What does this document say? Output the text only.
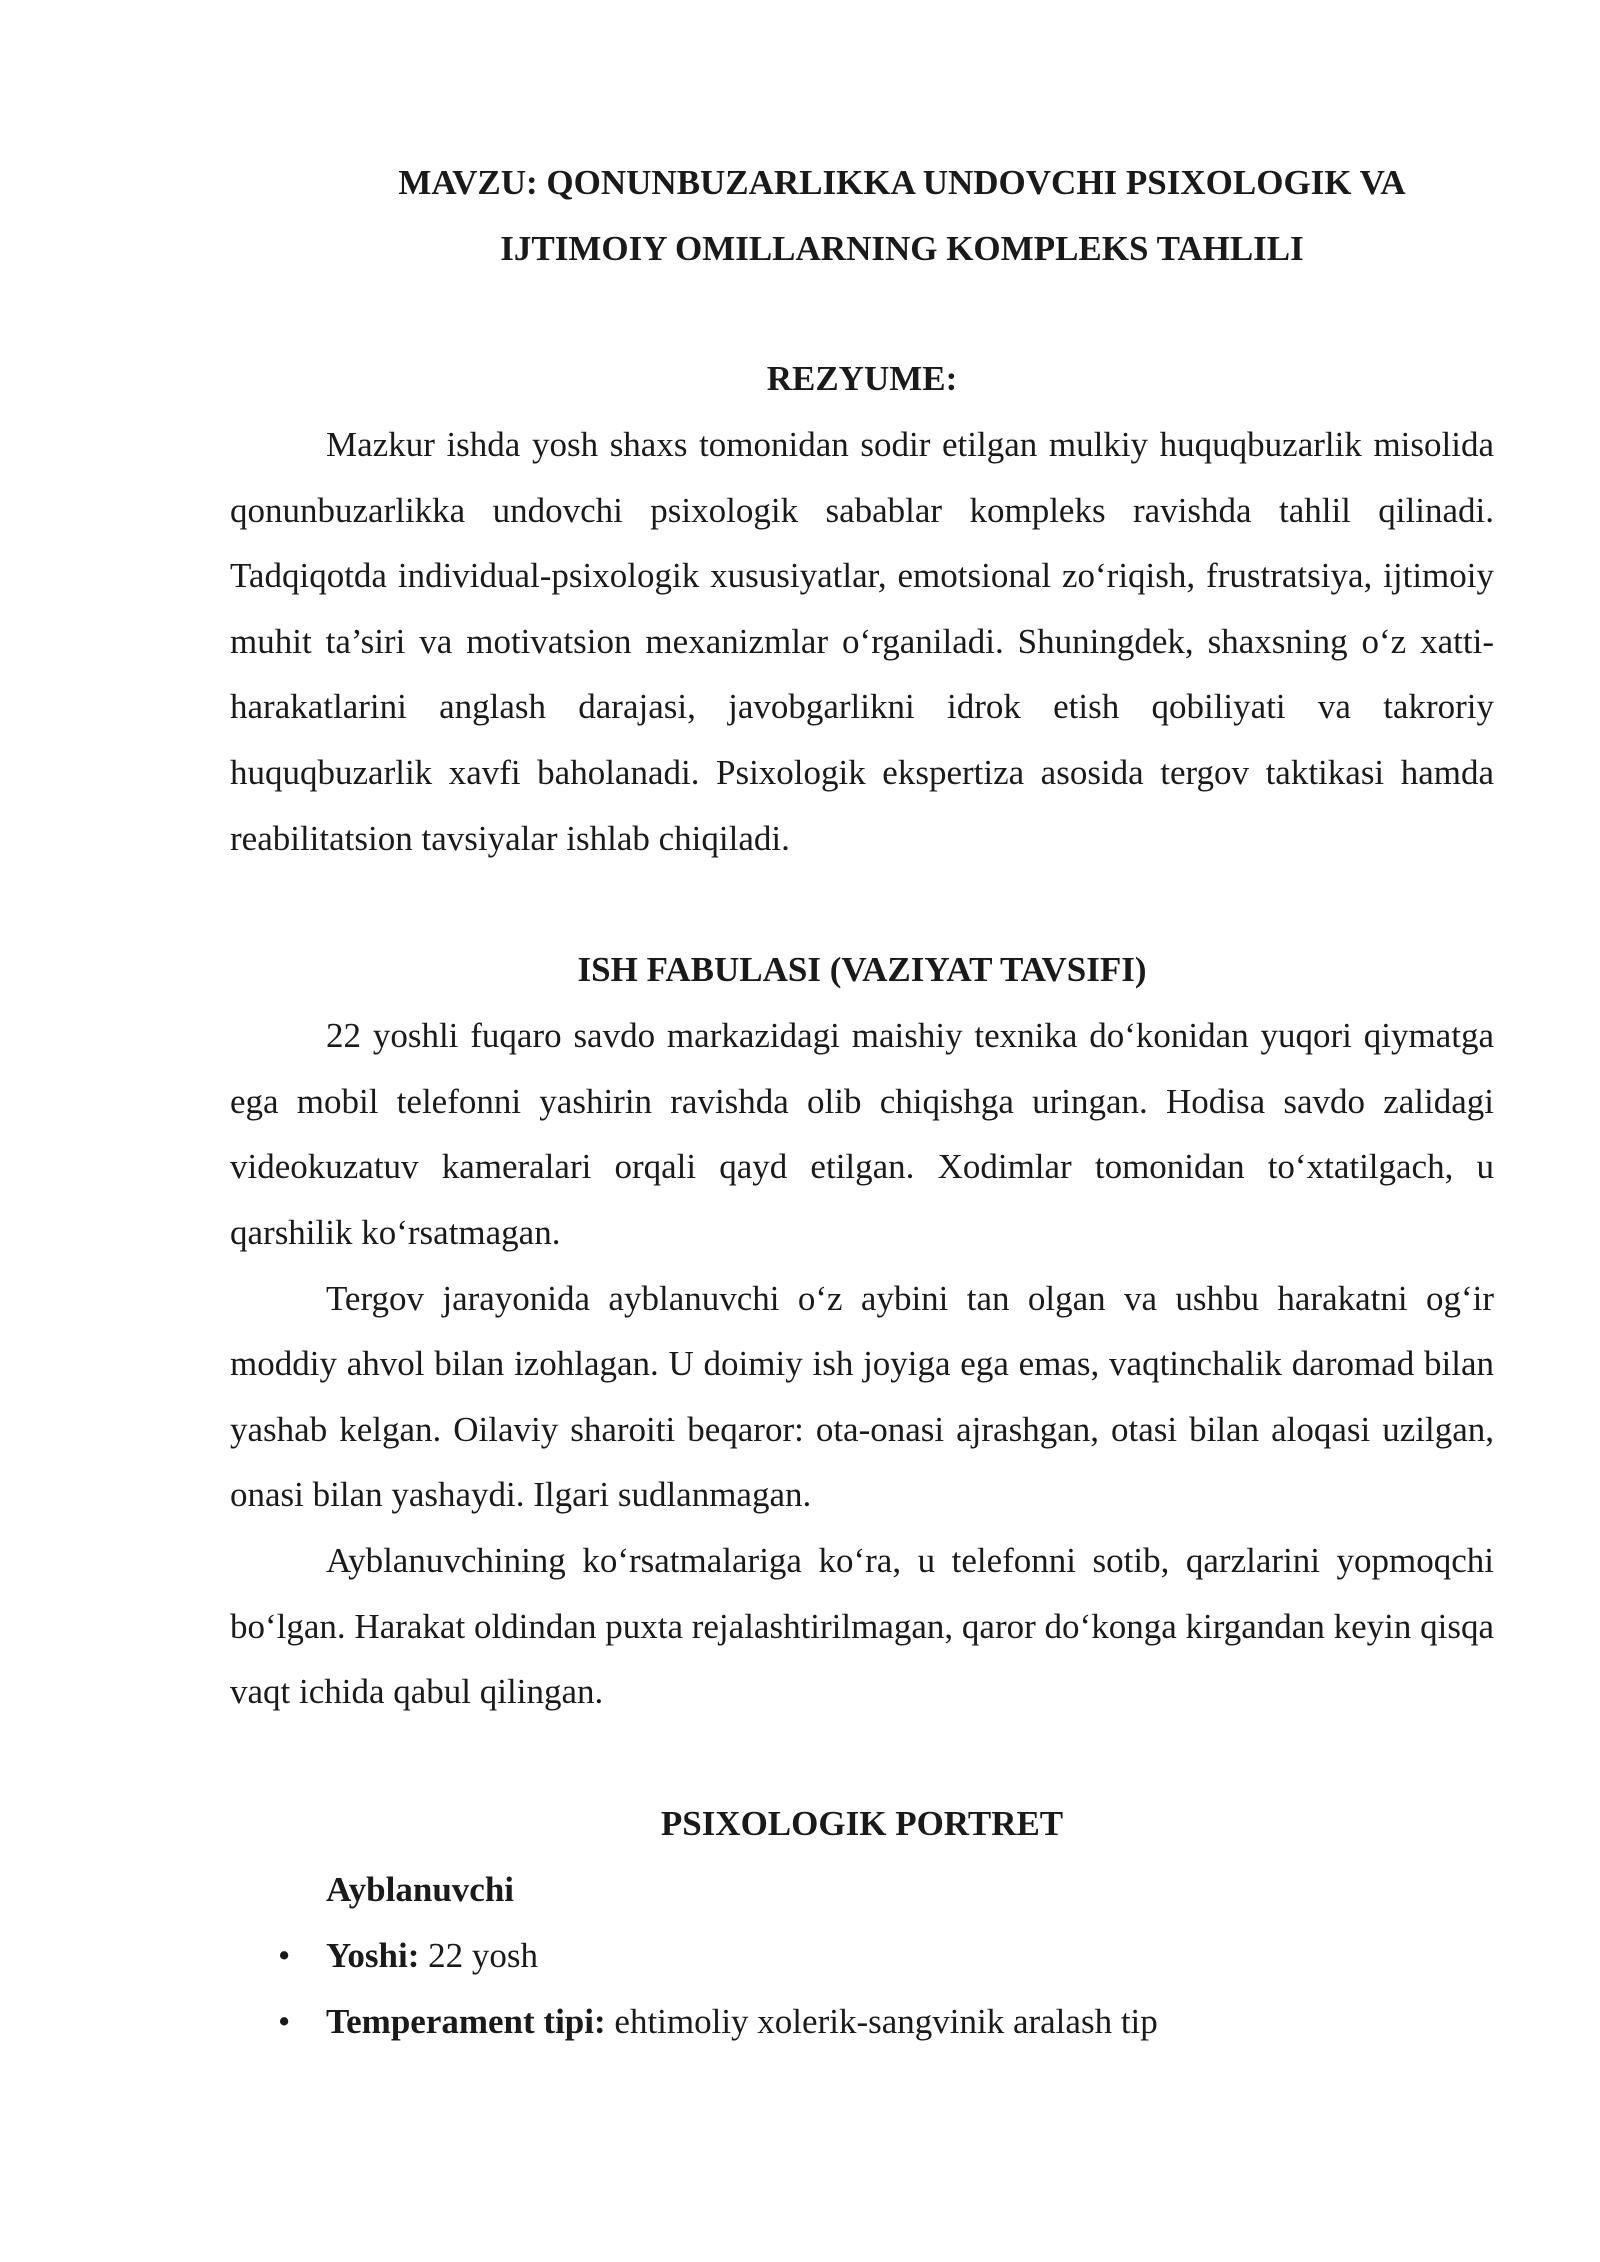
MAVZU: QONUNBUZARLIKKA UNDOVCHI PSIXOLOGIK VA
IJTIMOIY OMILLARNING KOMPLEKS TAHLILI
REZYUME:

Mazkur ishda yosh shaxs tomonidan sodir etilgan mulkiy huquqbuzarlik misolida qonunbuzarlikka undovchi psixologik sabablar kompleks ravishda tahlil qilinadi. Tadqiqotda individual-psixologik xususiyatlar, emotsional zo‘riqish, frustratsiya, ijtimoiy muhit ta’siri va motivatsion mexanizmlar o‘rganiladi. Shuningdek, shaxsning o‘z xatti-harakatlarini anglash darajasi, javobgarlikni idrok etish qobiliyati va takroriy huquqbuzarlik xavfi baholanadi. Psixologik ekspertiza asosida tergov taktikasi hamda reabilitatsion tavsiyalar ishlab chiqiladi.

ISH FABULASI (VAZIYAT TAVSIFI)

22 yoshli fuqaro savdo markazidagi maishiy texnika do‘konidan yuqori qiymatga ega mobil telefonni yashirin ravishda olib chiqishga uringan. Hodisa savdo zalidagi videokuzatuv kameralari orqali qayd etilgan. Xodimlar tomonidan to‘xtatilgach, u qarshilik ko‘rsatmagan.

Tergov jarayonida ayblanuvchi o‘z aybini tan olgan va ushbu harakatni og‘ir moddiy ahvol bilan izohlagan. U doimiy ish joyiga ega emas, vaqtinchalik daromad bilan yashab kelgan. Oilaviy sharoiti beqaror: ota-onasi ajrashgan, otasi bilan aloqasi uzilgan, onasi bilan yashaydi. Ilgari sudlanmagan.

Ayblanuvchining ko‘rsatmalariga ko‘ra, u telefonni sotib, qarzlarini yopmoqchi bo‘lgan. Harakat oldindan puxta rejalashtirilmagan, qaror do‘konga kirgandan keyin qisqa vaqt ichida qabul qilingan.

PSIXOLOGIK PORTRET

Ayblanuvchi

• Yoshi: 22 yosh
• Temperament tipi: ehtimoliy xolerik-sangvinik aralash tip
